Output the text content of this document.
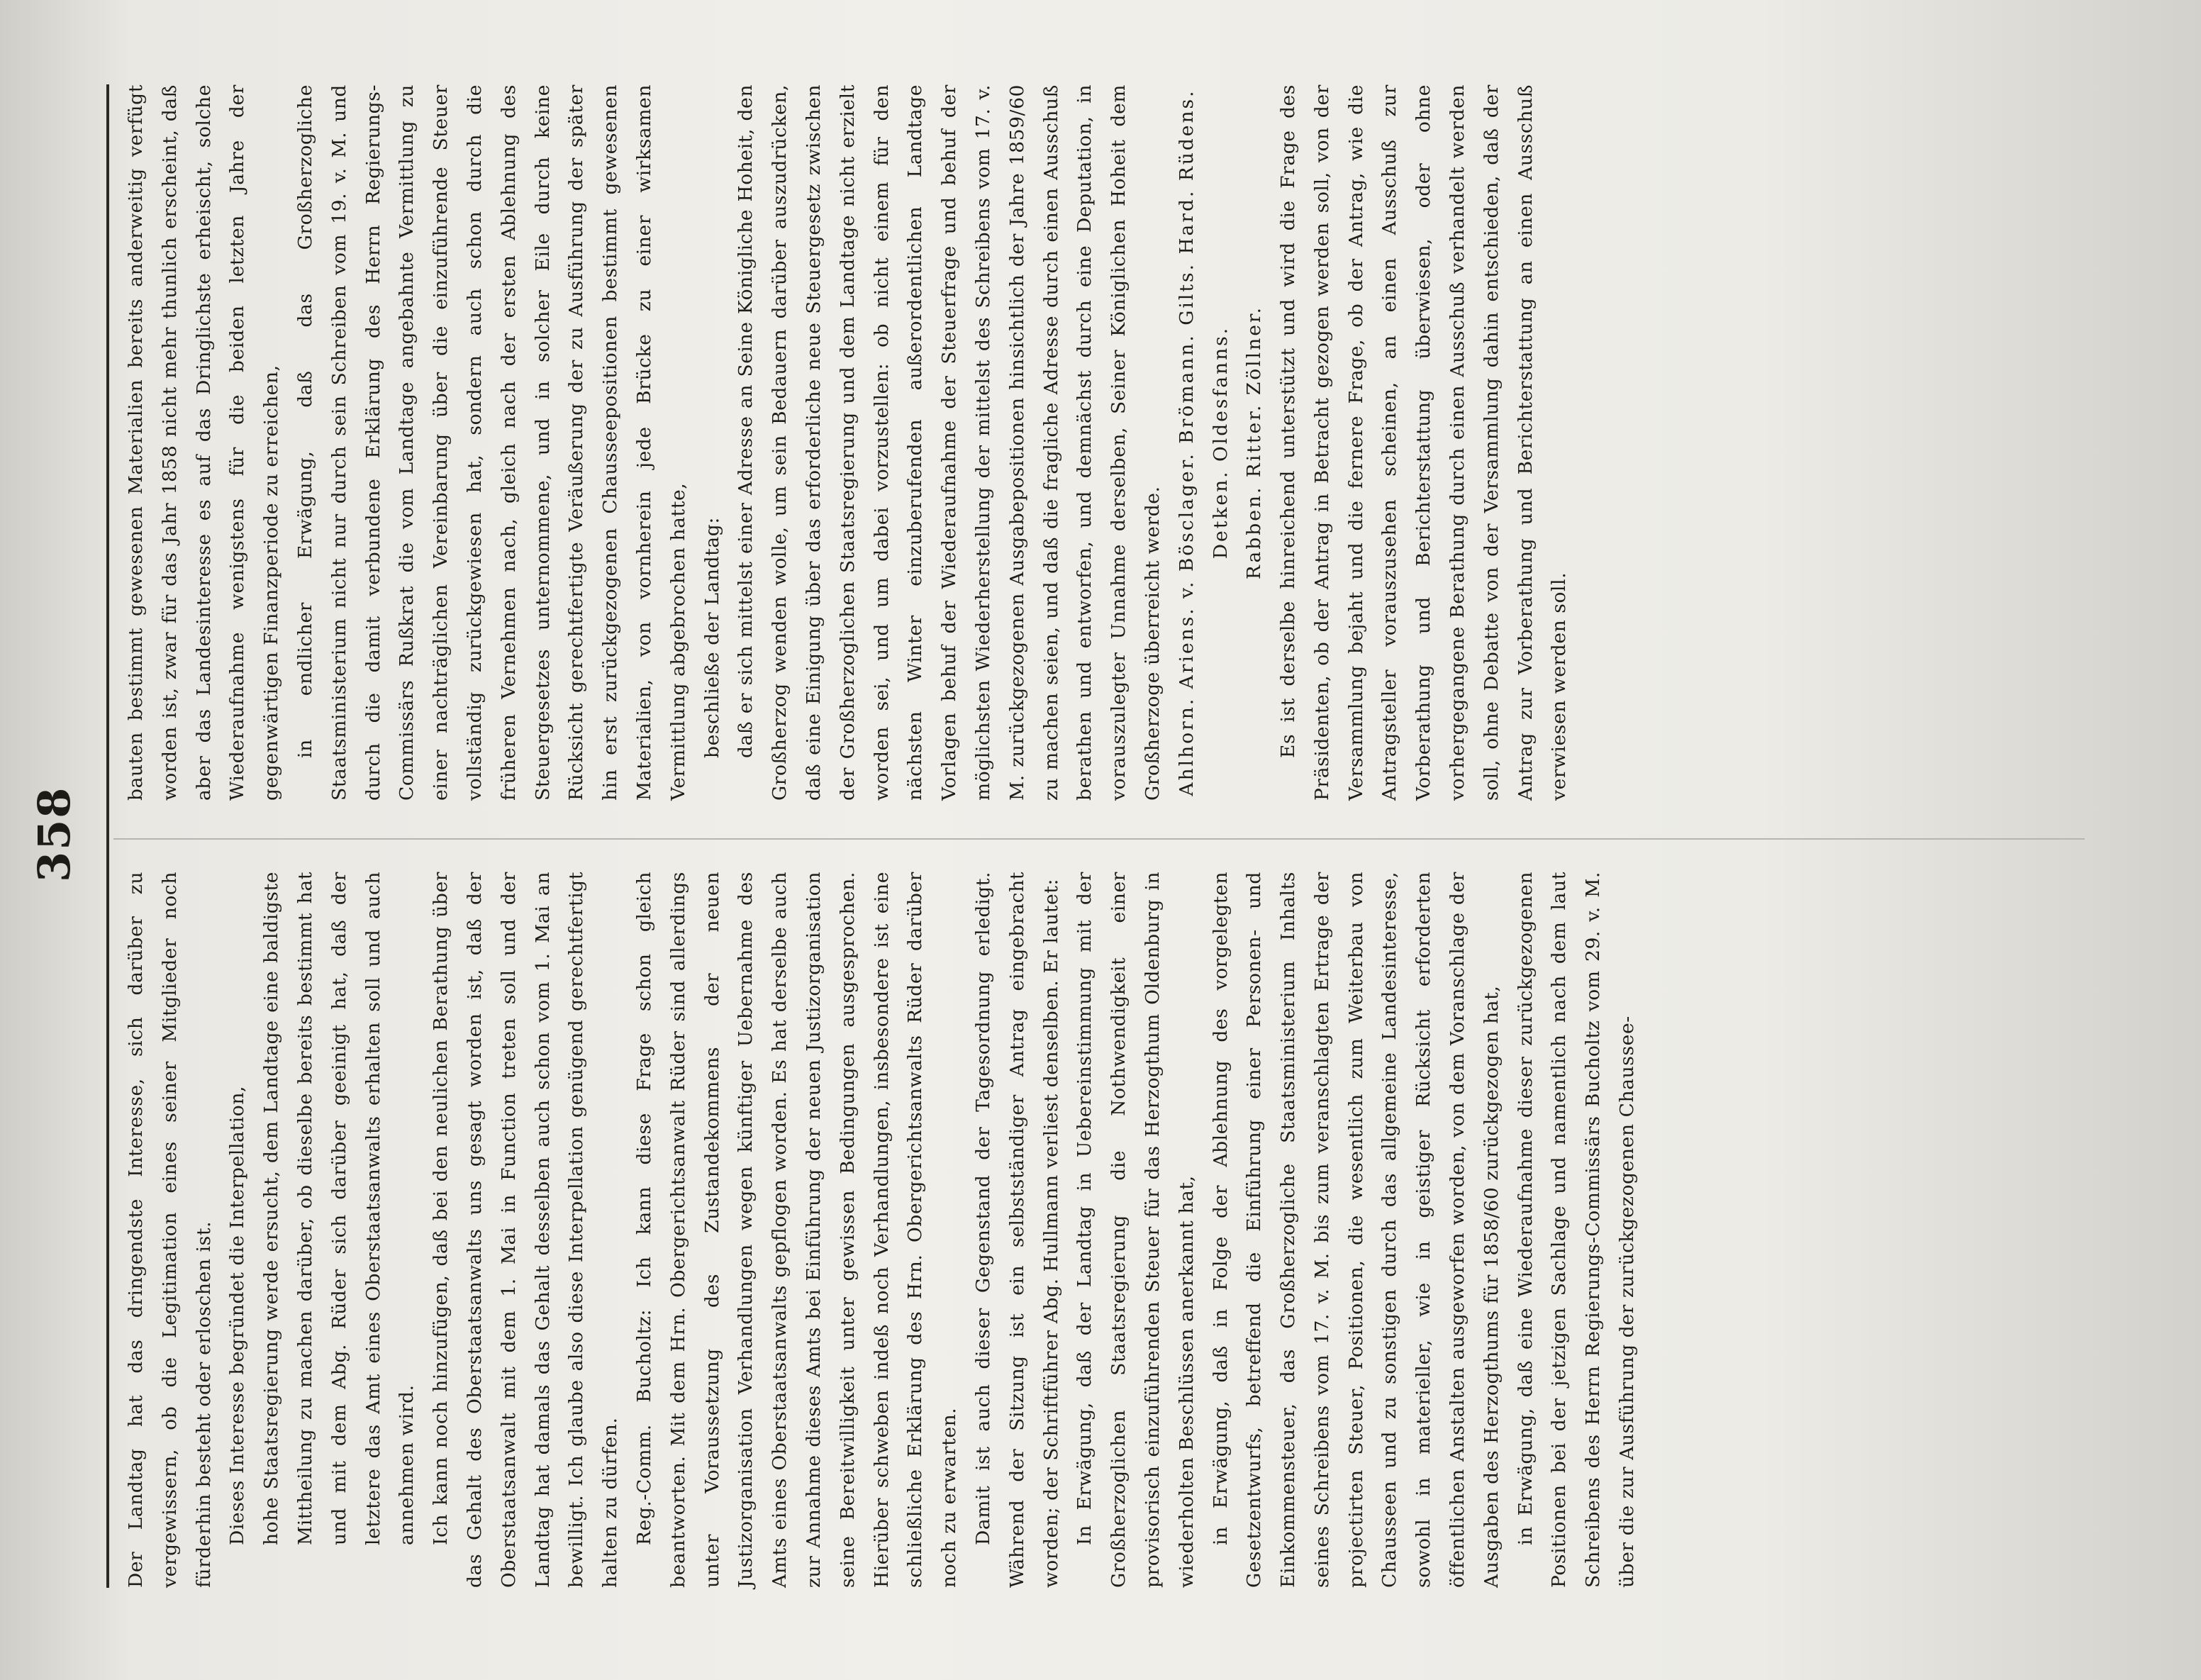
358

Der Landtag hat das dringendste Interesse, sich darüber zu vergewissern, ob die Legitimation eines seiner Mitglieder noch fürderhin besteht oder erloschen ist. Dieses Interesse begründet die Interpellation, hohe Staatsregierung werde ersucht, dem Landtage eine baldigste Mittheilung zu machen darüber, ob dieselbe bereits bestimmt hat und mit dem Abg. Rüder sich darüber geeinigt hat, daß der letztere das Amt eines Oberstaatsanwalts erhalten soll und auch annehmen wird. Ich kann noch hinzufügen, daß bei den neulichen Berathung über das Gehalt des Oberstaatsanwalts uns gesagt worden ist, daß der Oberstaatsanwalt mit dem 1. Mai in Function treten soll und der Landtag hat damals das Gehalt desselben auch schon vom 1. Mai an bewilligt. Ich glaube also diese Interpellation genügend gerechtfertigt halten zu dürfen. Reg.-Comm. Bucholtz: Ich kann diese Frage schon gleich beantworten. Mit dem Hrn. Obergerichtsanwalt Rüder sind allerdings unter Voraussetzung des Zustandekommens der neuen Justizorganisation Verhandlungen wegen künftiger Uebernahme des Amts eines Oberstaatsanwalts gepflogen worden. Es hat derselbe auch zur Annahme dieses Amts bei Einführung der neuen Justizorganisation seine Bereitwilligkeit unter gewissen Bedingungen ausgesprochen. Hierüber schweben indeß noch Verhandlungen, insbesondere ist eine schließliche Erklärung des Hrn. Obergerichtsanwalts Rüder darüber noch zu erwarten. Damit ist auch dieser Gegenstand der Tagesordnung erledigt. Während der Sitzung ist ein selbstständiger Antrag eingebracht worden; der Schriftführer Abg. Hullmann verliest denselben. Er lautet: In Erwägung, daß der Landtag in Uebereinstimmung mit der Großherzoglichen Staatsregierung die Nothwendigkeit einer provisorisch einzuführenden Steuer für das Herzogthum Oldenburg in wiederholten Beschlüssen anerkannt hat, in Erwägung, daß in Folge der Ablehnung des vorgelegten Gesetzentwurfs, betreffend die Einführung einer Personen- und Einkommensteuer, das Großherzogliche Staatsministerium Inhalts seines Schreibens vom 17. v. M. bis zum veranschlagten Ertrage der projectirten Steuer, Positionen, die wesentlich zum Weiterbau von Chausseen und zu sonstigen durch das allgemeine Landesinteresse, sowohl in materieller, wie in geistiger Rücksicht erforderten öffentlichen Anstalten ausgeworfen worden, von dem Voranschlage der Ausgaben des Herzogthums für 1858/60 zurückgezogen hat, in Erwägung, daß eine Wiederaufnahme dieser zurückgezogenen Positionen bei der jetzigen Sachlage und namentlich nach dem laut Schreibens des Herrn Regierungs-Commissärs Bucholtz vom 29. v. M. über die zur Ausführung der zurückgezogenen Chaussee-

bauten bestimmt gewesenen Materialien bereits anderweitig verfügt worden ist, zwar für das Jahr 1858 nicht mehr thunlich erscheint, daß aber das Landesinteresse es auf das Dringlichste erheischt, solche Wiederaufnahme wenigstens für die beiden letzten Jahre der gegenwärtigen Finanzperiode zu erreichen, in endlicher Erwägung, daß das Großherzogliche Staatsministerium nicht nur durch sein Schreiben vom 19. v. M. und durch die damit verbundene Erklärung des Herrn Regierungs-Commissärs Rußkrat die vom Landtage angebahnte Vermittlung zu einer nachträglichen Vereinbarung über die einzuführende Steuer vollständig zurückgewiesen hat, sondern auch schon durch die früheren Vernehmen nach, gleich nach der ersten Ablehnung des Steuergesetzes unternommene, und in solcher Eile durch keine Rücksicht gerechtfertigte Veräußerung der zu Ausführung der später hin erst zurückgezogenen Chausseepositionen bestimmt gewesenen Materialien, von vornherein jede Brücke zu einer wirksamen Vermittlung abgebrochen hatte, beschließe der Landtag: daß er sich mittelst einer Adresse an Seine Königliche Hoheit, den Großherzog wenden wolle, um sein Bedauern darüber auszudrücken, daß eine Einigung über das erforderliche neue Steuergesetz zwischen der Großherzoglichen Staatsregierung und dem Landtage nicht erzielt worden sei, und um dabei vorzustellen: ob nicht einem für den nächsten Winter einzuberufenden außerordentlichen Landtage Vorlagen behuf der Wiederaufnahme der Steuerfrage und behuf der möglichsten Wiederherstellung der mittelst des Schreibens vom 17. v. M. zurückgezogenen Ausgabepositionen hinsichtlich der Jahre 1859/60 zu machen seien, und daß die fragliche Adresse durch einen Ausschuß berathen und entworfen, und demnächst durch eine Deputation, in vorauszulegter Unnahme derselben, Seiner Königlichen Hoheit dem Großherzoge überreicht werde. Ahlhorn. Ariens. v. Bösclager. Brömann. Gilts. Hard. Rüdens. Detken. Oldesfanns. Rabben. Ritter. Zöllner. Es ist derselbe hinreichend unterstützt und wird die Frage des Präsidenten, ob der Antrag in Betracht gezogen werden soll, von der Versammlung bejaht und die fernere Frage, ob der Antrag, wie die Antragsteller vorauszusehen scheinen, an einen Ausschuß zur Vorberathung und Berichterstattung überwiesen, oder ohne vorhergegangene Berathung durch einen Ausschuß verhandelt werden soll, ohne Debatte von der Versammlung dahin entschieden, daß der Antrag zur Vorberathung und Berichterstattung an einen Ausschuß verwiesen werden soll.
